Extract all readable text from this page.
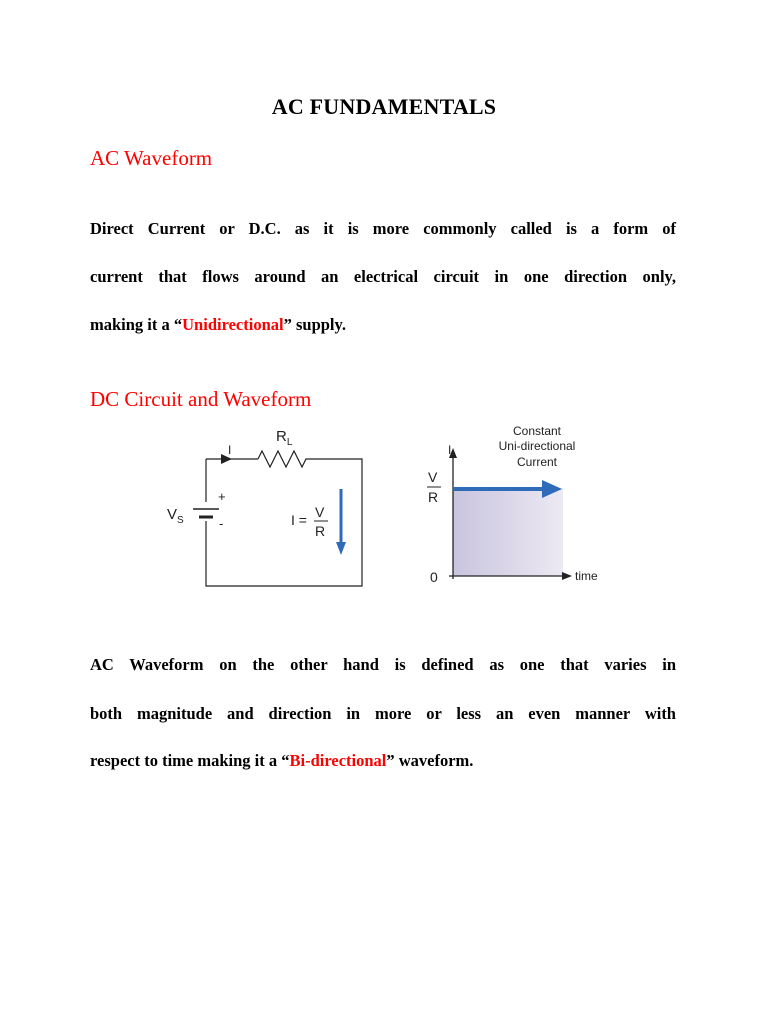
AC FUNDAMENTALS
AC Waveform
Direct Current or D.C. as it is more commonly called is a form of
current that flows around an electrical circuit in one direction only,
making it a “Unidirectional” supply.
DC Circuit and Waveform
I
$R_L$
$V_S$
+
-	I = V
R
I
V
R
0	time
Constant
Uni-directional
Current
AC Waveform on the other hand is defined as one that varies in
both magnitude and direction in more or less an even manner with
respect to time making it a “Bi-directional” waveform.
